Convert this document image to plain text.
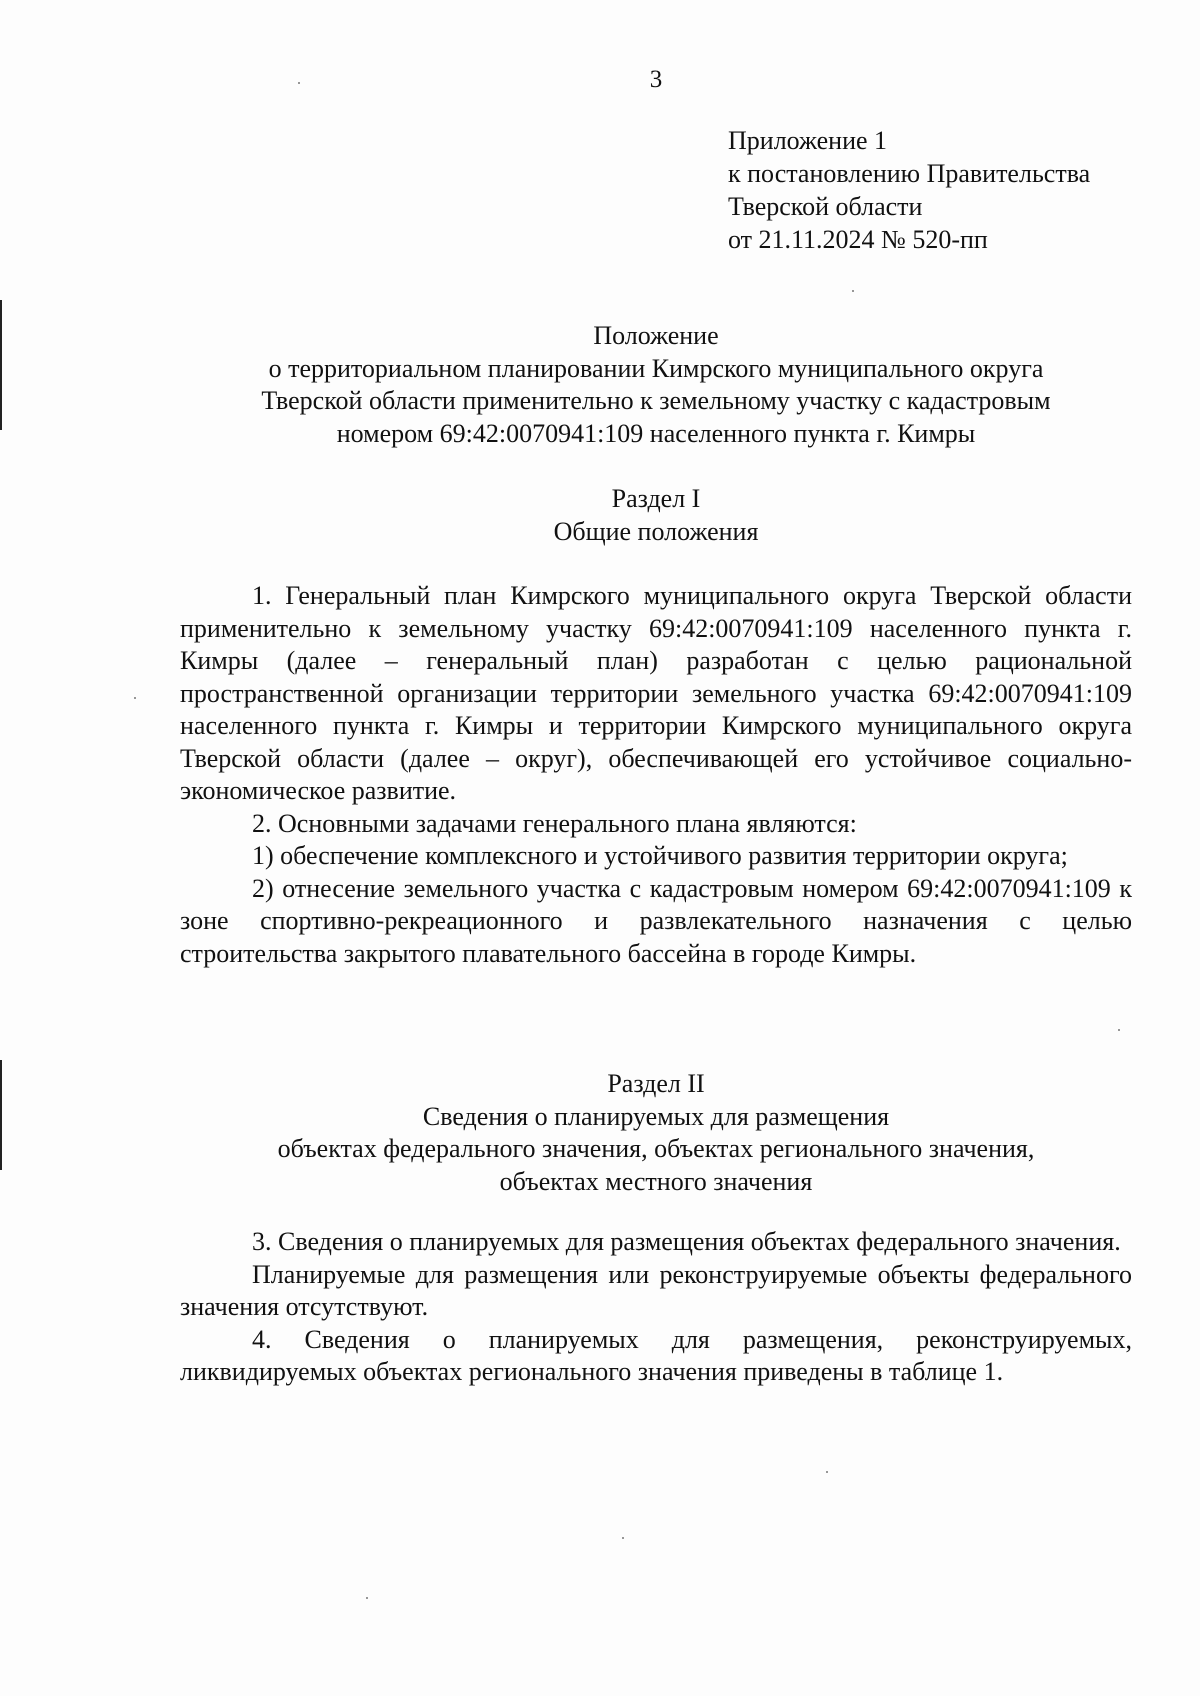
3
Приложение 1
к постановлению Правительства
Тверской области
от 21.11.2024 № 520-пп
Положение
о территориальном планировании Кимрского муниципального округа
Тверской области применительно к земельному участку с кадастровым
номером 69:42:0070941:109 населенного пункта г. Кимры
Раздел I
Общие положения

1. Генеральный план Кимрского муниципального округа Тверской области применительно к земельному участку 69:42:0070941:109 населенного пункта г. Кимры (далее – генеральный план) разработан с целью рациональной пространственной организации территории земельного участка 69:42:0070941:109 населенного пункта г. Кимры и территории Кимрского муниципального округа Тверской области (далее – округ), обеспечивающей его устойчивое социально-экономическое развитие.

2. Основными задачами генерального плана являются:

1) обеспечение комплексного и устойчивого развития территории округа;

2) отнесение земельного участка с кадастровым номером 69:42:0070941:109 к зоне спортивно-рекреационного и развлекательного назначения с целью строительства закрытого плавательного бассейна в городе Кимры.

Раздел II
Сведения о планируемых для размещения
объектах федерального значения, объектах регионального значения,
объектах местного значения

3. Сведения о планируемых для размещения объектах федерального значения.

Планируемые для размещения или реконструируемые объекты федерального значения отсутствуют.

4. Сведения о планируемых для размещения, реконструируемых, ликвидируемых объектах регионального значения приведены в таблице 1.
